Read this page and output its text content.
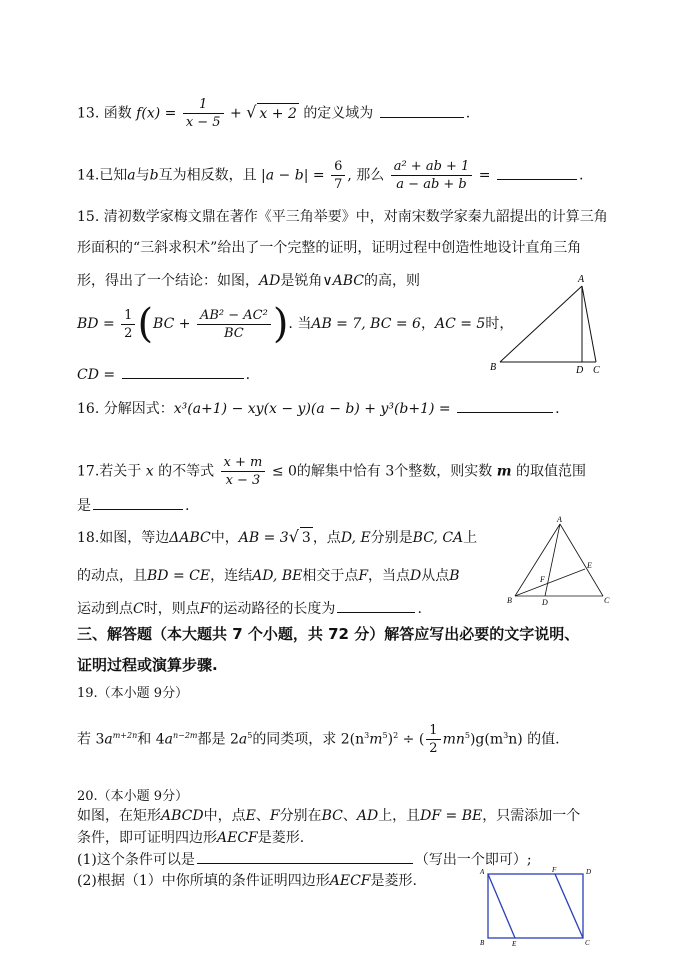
13. 函数 $f(x) = \frac{1}{x - 5}$ + √ x + 2 的定义域为	.
14.已知a与b互为相反数，且 $|a - b| = \frac{6}{7}$ , 那么 $\frac{\text{a² + ab + 1}}{a - ab + b}$ =	.
15. 清初数学家梅文鼎在著作《平三角举要》中，对南宋数学家秦九韶提出的计算三角
形面积的“三斜求积术”给出了一个完整的证明，证明过程中创造性地设计直角三角
形，得出了一个结论：如图，AD是锐角∨ABC的高，则
BD = $\frac{1}{2} (BC + \frac{\text{AB² − AC²}}{BC}$ ). 当AB = 7, BC = 6，AC = 5时，
CD =	.
A
B	D C
16. 分解因式：x³(a+1) − xy(x − y)(a − b) + y³(b+1) =	.
17.若关于 x 的不等式 $\frac{x + m}{x - 3} \le 0$的解集中恰有 3个整数，则实数 m 的取值范围
是	.
18.如图，等边ΔABC中，AB = 3√ 3 ，点D, E分别是BC, CA上
的动点，且BD = CE，连结AD, BE相交于点F，当点D从点B
运动到点C时，则点F的运动路径的长度为	.
A
B	C
D
E
F
三、解答题（本大题共 7 个小题，共 72 分）解答应写出必要的文字说明、
证明过程或演算步骤.
19.（本小题 9分）
若 $3a^{m+2n}$和 $4a^{n-2m}$都是 $2a^5$的同类项，求 $2(n^3m^5)^2$ ÷ ( $\frac{1}{2} mn^5)g(m^3n)$ 的值.
20.（本小题 9分）
如图，在矩形ABCD中，点E、F分别在BC、AD上，且DF = BE，只需添加一个
条件，即可证明四边形AECF是菱形.
(1)这个条件可以是	（写出一个即可）;
(2)根据（1）中你所填的条件证明四边形AECF是菱形.
A	F	D
B	E	C
